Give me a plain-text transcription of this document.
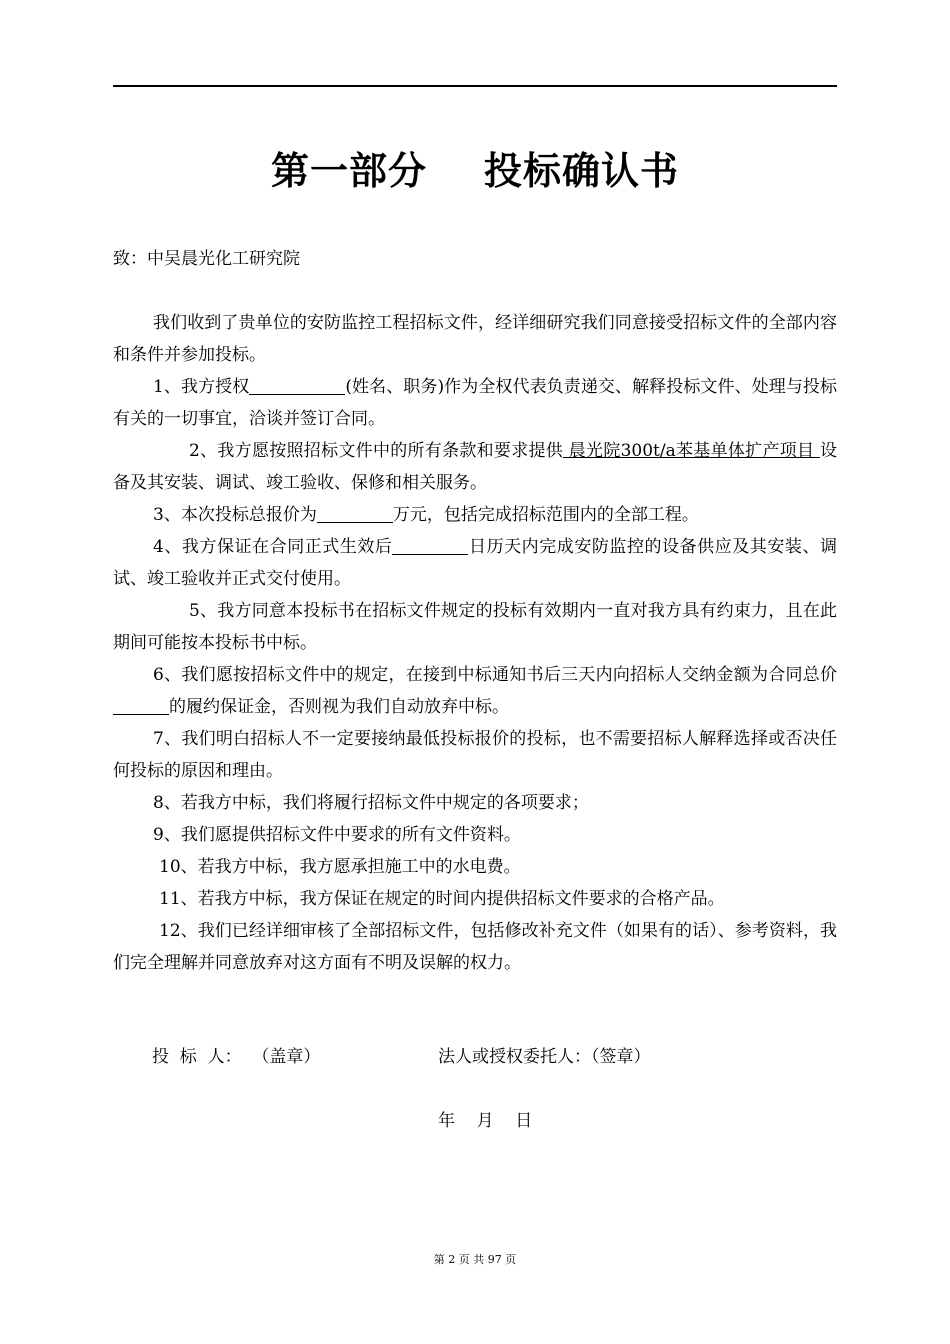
第一部分    投标确认书
致：中吴晨光化工研究院

我们收到了贵单位的安防监控工程招标文件，经详细研究我们同意接受招标文件的全部内容和条件并参加投标。

1、我方授权	(姓名、职务)作为全权代表负责递交、解释投标文件、处理与投标有关的一切事宜，洽谈并签订合同。

2、我方愿按照招标文件中的所有条款和要求提供 晨光院300t/a苯基单体扩产项目 设备及其安装、调试、竣工验收、保修和相关服务。

3、本次投标总报价为	万元，包括完成招标范围内的全部工程。

4、我方保证在合同正式生效后	日历天内完成安防监控的设备供应及其安装、调试、竣工验收并正式交付使用。

5、我方同意本投标书在招标文件规定的投标有效期内一直对我方具有约束力，且在此期间可能按本投标书中标。

6、我们愿按招标文件中的规定，在接到中标通知书后三天内向招标人交纳金额为合同总价的履约保证金，否则视为我们自动放弃中标。

7、我们明白招标人不一定要接纳最低投标报价的投标，也不需要招标人解释选择或否决任何投标的原因和理由。

8、若我方中标，我们将履行招标文件中规定的各项要求；

9、我们愿提供招标文件中要求的所有文件资料。

10、若我方中标，我方愿承担施工中的水电费。

11、若我方中标，我方保证在规定的时间内提供招标文件要求的合格产品。

12、我们已经详细审核了全部招标文件，包括修改补充文件（如果有的话）、参考资料，我们完全理解并同意放弃对这方面有不明及误解的权力。

投  标  人：  （盖章）	法人或授权委托人：（签章）
年    月    日
第 2 页 共 97 页
